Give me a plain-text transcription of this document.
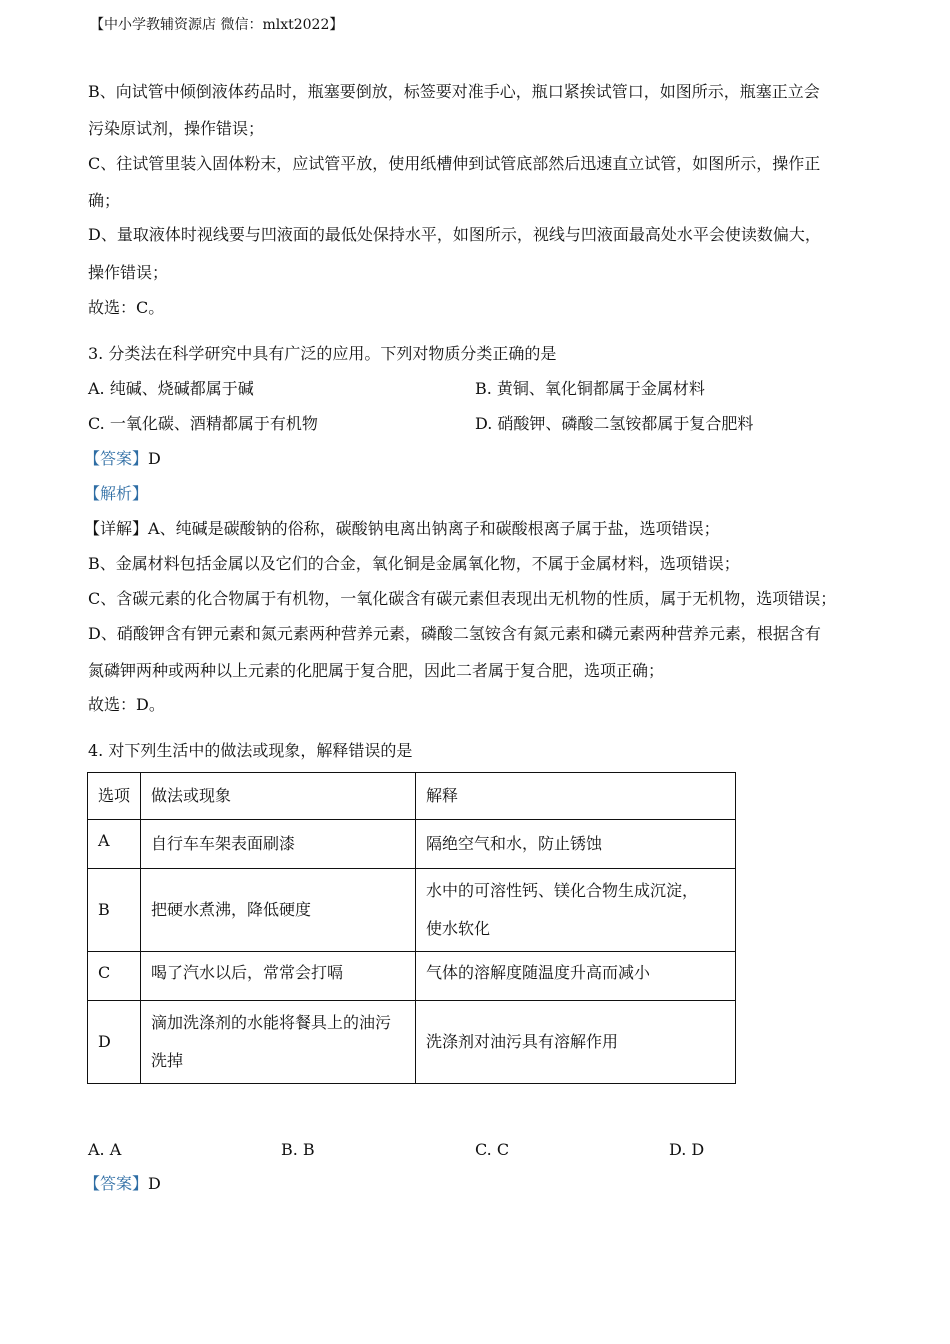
【中小学教辅资源店 微信：mlxt2022】
B、向试管中倾倒液体药品时，瓶塞要倒放，标签要对准手心，瓶口紧挨试管口，如图所示，瓶塞正立会
污染原试剂，操作错误；
C、往试管里装入固体粉末，应试管平放，使用纸槽伸到试管底部然后迅速直立试管，如图所示，操作正
确；
D、量取液体时视线要与凹液面的最低处保持水平，如图所示，视线与凹液面最高处水平会使读数偏大，
操作错误；
故选：C。
3. 分类法在科学研究中具有广泛的应用。下列对物质分类正确的是
A. 纯碱、烧碱都属于碱	B. 黄铜、氧化铜都属于金属材料
C. 一氧化碳、酒精都属于有机物	D. 硝酸钾、磷酸二氢铵都属于复合肥料
【答案】D
【解析】
【详解】A、纯碱是碳酸钠的俗称，碳酸钠电离出钠离子和碳酸根离子属于盐，选项错误；
B、金属材料包括金属以及它们的合金，氧化铜是金属氧化物，不属于金属材料，选项错误；
C、含碳元素的化合物属于有机物，一氧化碳含有碳元素但表现出无机物的性质，属于无机物，选项错误；
D、硝酸钾含有钾元素和氮元素两种营养元素，磷酸二氢铵含有氮元素和磷元素两种营养元素，根据含有
氮磷钾两种或两种以上元素的化肥属于复合肥，因此二者属于复合肥，选项正确；
故选：D。
4. 对下列生活中的做法或现象，解释错误的是
选项	做法或现象	解释
A	自行车车架表面刷漆	隔绝空气和水，防止锈蚀
B	把硬水煮沸，降低硬度	水中的可溶性钙、镁化合物生成沉淀，
使水软化

C	喝了汽水以后，常常会打嗝	气体的溶解度随温度升高而减小
D	滴加洗涤剂的水能将餐具上的油污
洗掉	洗涤剂对油污具有溶解作用
A. A	B. B	C. C	D. D
【答案】D
